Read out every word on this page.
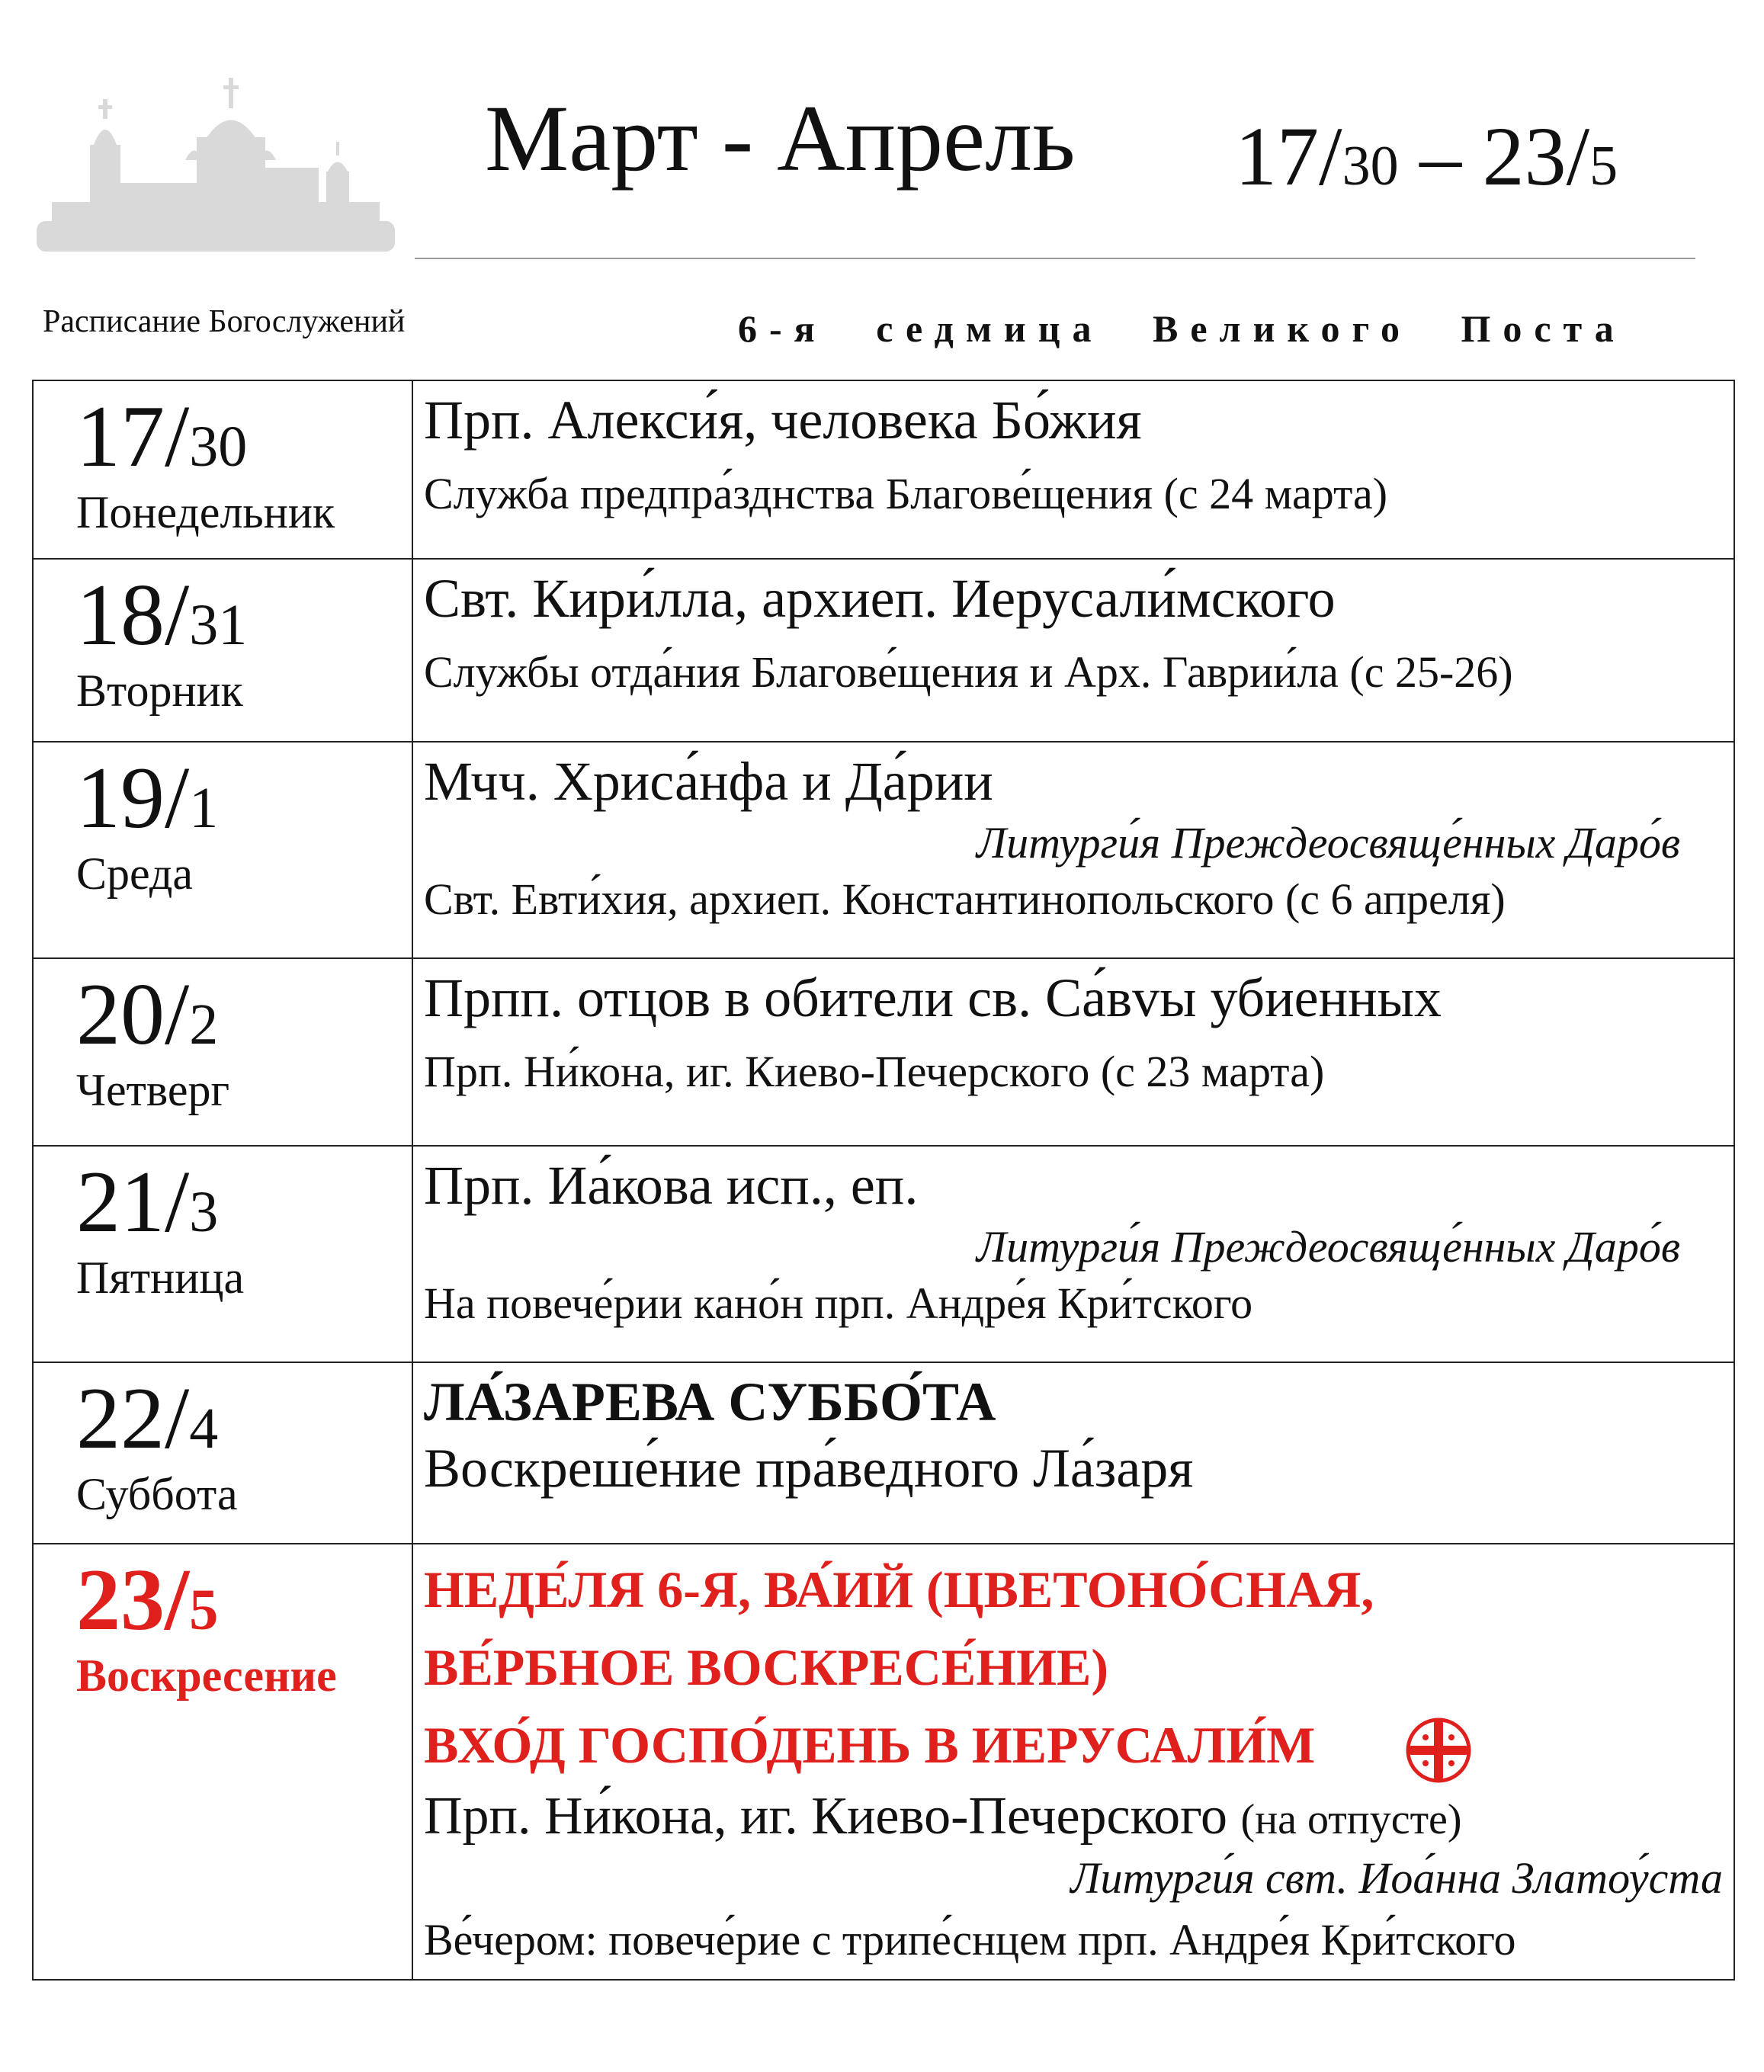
Март - Апрель 17/30 – 23/5
Расписание Богослужений	6-я седмица Великого Поста
17/30
Понедельник
Прп. Алекси́я, человека Бо́жия
Служба предпра́зднства Благове́щения (с 24 марта)
18/31
Вторник
Свт. Кири́лла, архиеп. Иерусали́мского
Службы отда́ния Благове́щения и Арх. Гаврии́ла (с 25-26)
19/1
Среда
Мчч. Хриса́нфа и Да́рии
Литурги́я Преждеосвяще́нных Даро́в
Свт. Евти́хия, архиеп. Константинопольского (с 6 апреля)
20/2
Четверг
Прпп. отцов в обители св. Са́вvы убиенных
Прп. Ни́кона, иг. Киево-Печерского (с 23 марта)
21/3
Пятница
Прп. Иа́кова исп., еп.
Литурги́я Преждеосвяще́нных Даро́в
На повече́рии кано́н прп. Андре́я Кри́тского
22/4
Суббота
ЛА́ЗАРЕВА СУББО́ТА
Воскреше́ние пра́ведного Ла́заря
23/5
Воскресение
НЕДЕ́ЛЯ 6-Я, ВА́ИЙ (ЦВЕТОНО́СНАЯ,
ВЕ́РБНОЕ ВОСКРЕСЕ́НИЕ)
ВХО́Д ГОСПО́ДЕНЬ В ИЕРУСАЛИ́М
Прп. Ни́кона, иг. Киево-Печерского (на отпусте)
Литурги́я свт. Иоа́нна Златоу́ста
Ве́чером: повече́рие с трипе́снцем прп. Андре́я Кри́тского
